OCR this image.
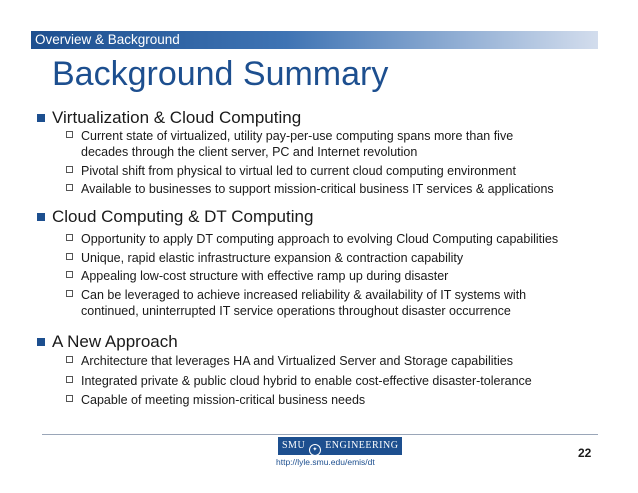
Overview & Background
Background Summary
Virtualization & Cloud Computing
Current state of virtualized, utility pay-per-use computing spans more than five decades through the client server, PC and Internet revolution
Pivotal shift from physical to virtual led to current cloud computing environment
Available to businesses to support mission-critical business IT services & applications
Cloud Computing & DT Computing
Opportunity to apply DT computing approach to evolving Cloud Computing capabilities
Unique, rapid elastic infrastructure expansion & contraction capability
Appealing low-cost structure with effective ramp up during disaster
Can be leveraged to achieve increased reliability & availability of IT systems with continued, uninterrupted IT service operations throughout disaster occurrence
A New Approach
Architecture that leverages HA and Virtualized Server and Storage capabilities
Integrated private & public cloud hybrid to enable cost-effective disaster-tolerance
Capable of meeting mission-critical business needs
SMU ✦ ENGINEERING
http://lyle.smu.edu/emis/dt
22
